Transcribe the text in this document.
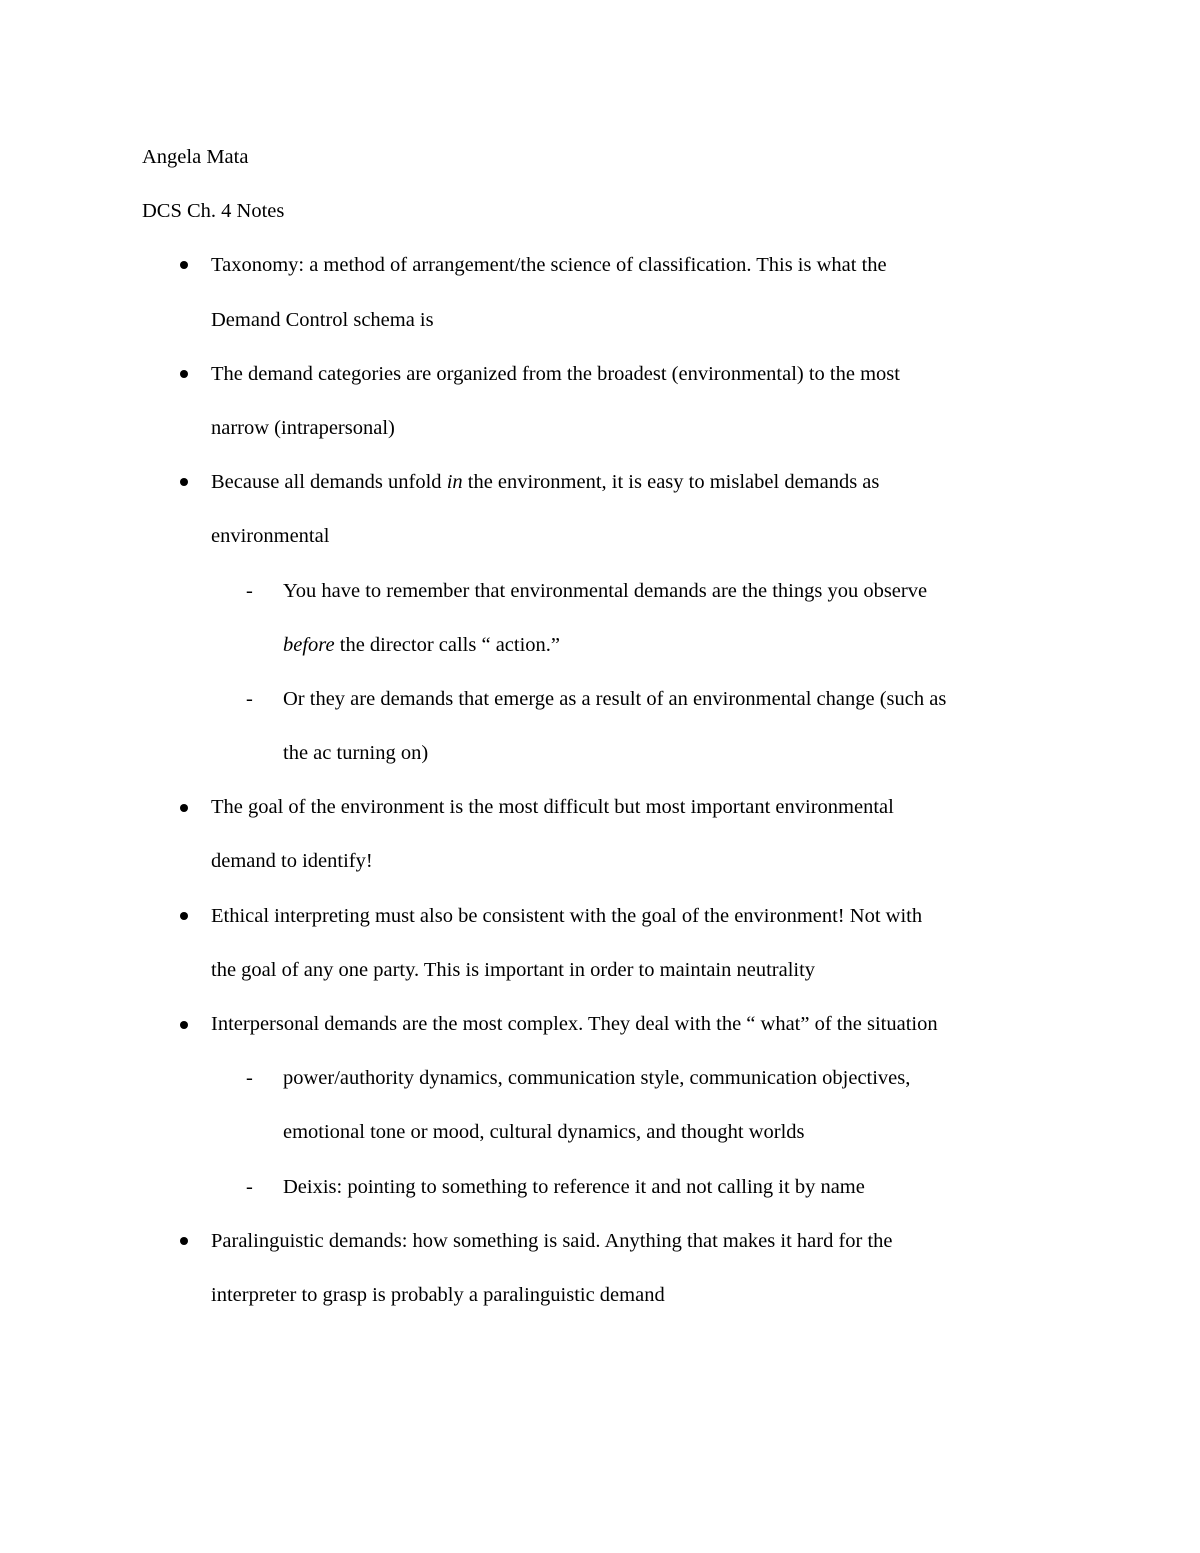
Angela Mata
DCS Ch. 4 Notes
Taxonomy: a method of arrangement/the science of classification. This is what the
Demand Control schema is
The demand categories are organized from the broadest (environmental) to the most
narrow (intrapersonal)
Because all demands unfold in the environment, it is easy to mislabel demands as
environmental
- You have to remember that environmental demands are the things you observe
before the director calls “ action.”
- Or they are demands that emerge as a result of an environmental change (such as
the ac turning on)
The goal of the environment is the most difficult but most important environmental
demand to identify!
Ethical interpreting must also be consistent with the goal of the environment! Not with
the goal of any one party. This is important in order to maintain neutrality
Interpersonal demands are the most complex. They deal with the “ what” of the situation
- power/authority dynamics, communication style, communication objectives,
emotional tone or mood, cultural dynamics, and thought worlds
- Deixis: pointing to something to reference it and not calling it by name
Paralinguistic demands: how something is said. Anything that makes it hard for the
interpreter to grasp is probably a paralinguistic demand
